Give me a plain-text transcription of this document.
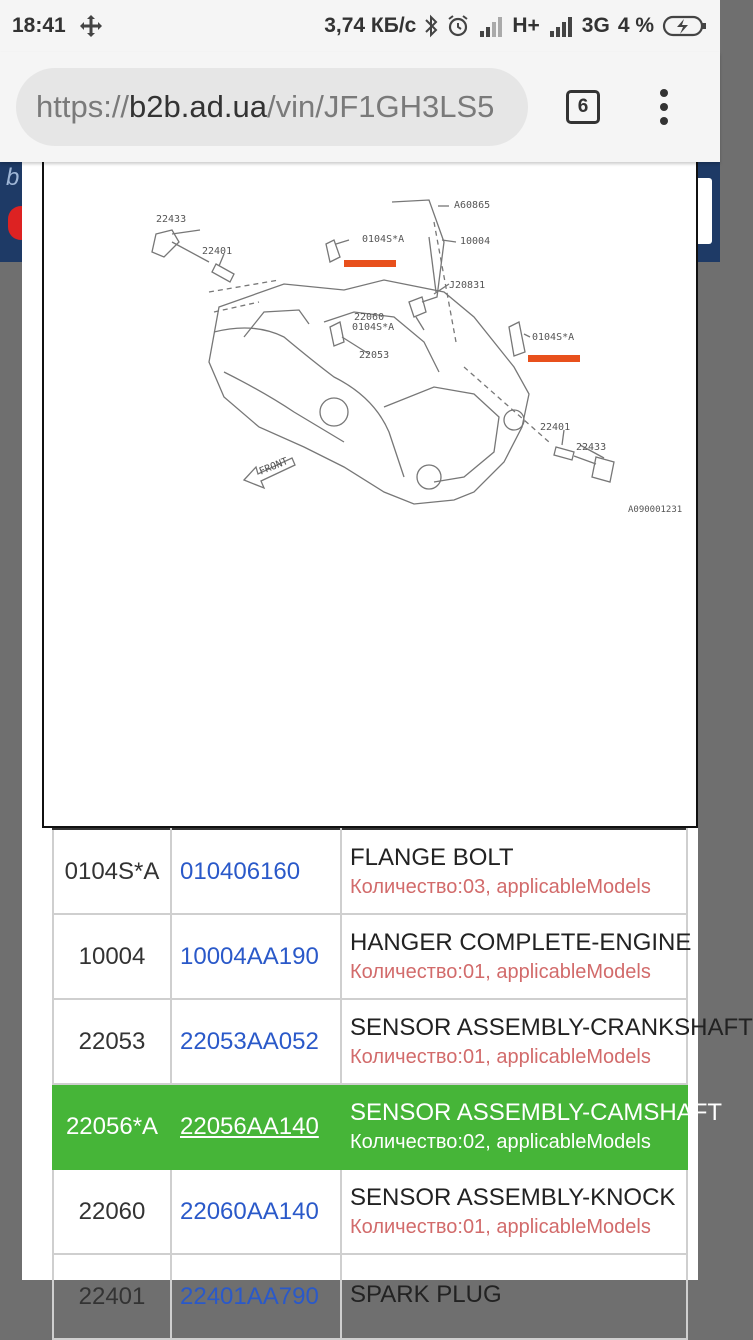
18:41	3,74 КБ/с	H+ 3G 4 %
https:// b2b.ad.ua /vin/JF1GH3LS5	6
b
22433
22401
0104S*A
A60865
10004
J20831
22060
0104S*A
22053
0104S*A
22401
22433
FRONT
A090001231
0104S*A	010406160	FLANGE BOLT
Количество:03, applicableModels

10004	10004AA190	HANGER COMPLETE-ENGINE
Количество:01, applicableModels

22053	22053AA052	SENSOR ASSEMBLY-CRANKSHAFT
Количество:01, applicableModels

22056*A	22056AA140	SENSOR ASSEMBLY-CAMSHAFT
Количество:02, applicableModels

22060	22060AA140	SENSOR ASSEMBLY-KNOCK
Количество:01, applicableModels

22401	22401AA790	SPARK PLUG
